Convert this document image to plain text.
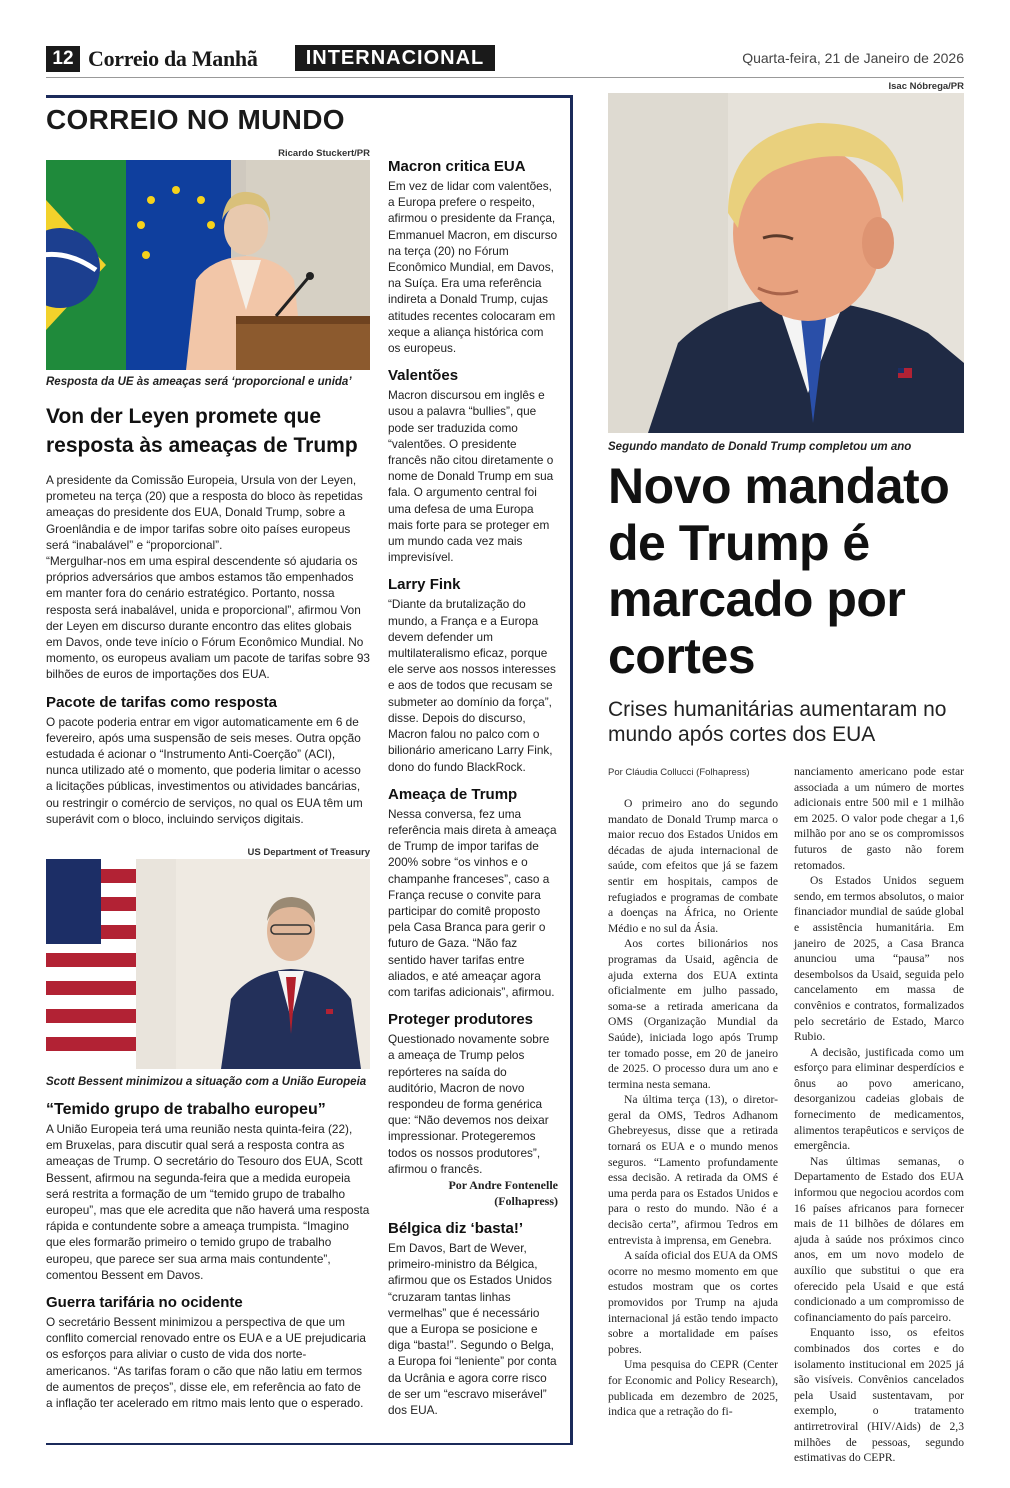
12 Correio da Manhã	INTERNACIONAL	Quarta-feira, 21 de Janeiro de 2026
CORREIO NO MUNDO
Ricardo Stuckert/PR
Resposta da UE às ameaças será ‘proporcional e unida’
Von der Leyen promete que resposta às ameaças de Trump

A presidente da Comissão Europeia, Ursula von der Leyen, prometeu na terça (20) que a resposta do bloco às repetidas ameaças do presidente dos EUA, Donald Trump, sobre a Groenlândia e de impor tarifas sobre oito países europeus será “inabalável” e “proporcional”.

“Mergulhar-nos em uma espiral descendente só ajudaria os próprios adversários que ambos estamos tão empenhados em manter fora do cenário estratégico. Portanto, nossa resposta será inabalável, unida e proporcional”, afirmou Von der Leyen em discurso durante encontro das elites globais em Davos, onde teve início o Fórum Econômico Mundial. No momento, os europeus avaliam um pacote de tarifas sobre 93 bilhões de euros de importações dos EUA.

Pacote de tarifas como resposta

O pacote poderia entrar em vigor automaticamente em 6 de fevereiro, após uma suspensão de seis meses. Outra opção estudada é acionar o “Instrumento Anti-Coerção” (ACI), nunca utilizado até o momento, que poderia limitar o acesso a licitações públicas, investimentos ou atividades bancárias, ou restringir o comércio de serviços, no qual os EUA têm um superávit com o bloco, incluindo serviços digitais.

US Department of Treasury
Scott Bessent minimizou a situação com a União Europeia
“Temido grupo de trabalho europeu”

A União Europeia terá uma reunião nesta quinta-feira (22), em Bruxelas, para discutir qual será a resposta contra as ameaças de Trump. O secretário do Tesouro dos EUA, Scott Bessent, afirmou na segunda-feira que a medida europeia será restrita a formação de um “temido grupo de trabalho europeu”, mas que ele acredita que não haverá uma resposta rápida e contundente sobre a ameaça trumpista. “Imagino que eles formarão primeiro o temido grupo de trabalho europeu, que parece ser sua arma mais contundente”, comentou Bessent em Davos.

Guerra tarifária no ocidente

O secretário Bessent minimizou a perspectiva de que um conflito comercial renovado entre os EUA e a UE prejudicaria os esforços para aliviar o custo de vida dos norte-americanos. “As tarifas foram o cão que não latiu em termos de aumentos de preços”, disse ele, em referência ao fato de a inflação ter acelerado em ritmo mais lento que o esperado.

Macron critica EUA

Em vez de lidar com valentões, a Europa prefere o respeito, afirmou o presidente da França, Emmanuel Macron, em discurso na terça (20) no Fórum Econômico Mundial, em Davos, na Suíça. Era uma referência indireta a Donald Trump, cujas atitudes recentes colocaram em xeque a aliança histórica com os europeus.

Valentões

Macron discursou em inglês e usou a palavra “bullies”, que pode ser traduzida como “valentões. O presidente francês não citou diretamente o nome de Donald Trump em sua fala. O argumento central foi uma defesa de uma Europa mais forte para se proteger em um mundo cada vez mais imprevisível.

Larry Fink

“Diante da brutalização do mundo, a França e a Europa devem defender um multilateralismo eficaz, porque ele serve aos nossos interesses e aos de todos que recusam se submeter ao domínio da força”, disse. Depois do discurso, Macron falou no palco com o bilionário americano Larry Fink, dono do fundo BlackRock.

Ameaça de Trump

Nessa conversa, fez uma referência mais direta à ameaça de Trump de impor tarifas de 200% sobre “os vinhos e o champanhe franceses”, caso a França recuse o convite para participar do comitê proposto pela Casa Branca para gerir o futuro de Gaza. “Não faz sentido haver tarifas entre aliados, e até ameaçar agora com tarifas adicionais”, afirmou.

Proteger produtores

Questionado novamente sobre a ameaça de Trump pelos repórteres na saída do auditório, Macron de novo respondeu de forma genérica que: “Não devemos nos deixar impressionar. Protegeremos todos os nossos produtores”, afirmou o francês.

Por Andre Fontenelle
(Folhapress)
Bélgica diz ‘basta!’

Em Davos, Bart de Wever, primeiro-ministro da Bélgica, afirmou que os Estados Unidos “cruzaram tantas linhas vermelhas” que é necessário que a Europa se posicione e diga “basta!”. Segundo o Belga, a Europa foi “leniente” por conta da Ucrânia e agora corre risco de ser um “escravo miserável” dos EUA.

Isac Nóbrega/PR
Segundo mandato de Donald Trump completou um ano
Novo mandato de Trump é marcado por cortes
Crises humanitárias aumentaram no mundo após cortes dos EUA
Por Cláudia Collucci (Folhapress)

O primeiro ano do segundo mandato de Donald Trump marca o maior recuo dos Estados Unidos em décadas de ajuda internacional de saúde, com efeitos que já se fazem sentir em hospitais, campos de refugiados e programas de combate a doenças na África, no Oriente Médio e no sul da Ásia.

Aos cortes bilionários nos programas da Usaid, agência de ajuda externa dos EUA extinta oficialmente em julho passado, soma-se a retirada americana da OMS (Organização Mundial da Saúde), iniciada logo após Trump ter tomado posse, em 20 de janeiro de 2025. O processo dura um ano e termina nesta semana.

Na última terça (13), o diretor-geral da OMS, Tedros Adhanom Ghebreyesus, disse que a retirada tornará os EUA e o mundo menos seguros. “Lamento profundamente essa decisão. A retirada da OMS é uma perda para os Estados Unidos e para o resto do mundo. Não é a decisão certa”, afirmou Tedros em entrevista à imprensa, em Genebra.

A saída oficial dos EUA da OMS ocorre no mesmo momento em que estudos mostram que os cortes promovidos por Trump na ajuda internacional já estão tendo impacto sobre a mortalidade em países pobres.

Uma pesquisa do CEPR (Center for Economic and Policy Research), publicada em dezembro de 2025, indica que a retração do fi-

nanciamento americano pode estar associada a um número de mortes adicionais entre 500 mil e 1 milhão em 2025. O valor pode chegar a 1,6 milhão por ano se os compromissos futuros de gasto não forem retomados.

Os Estados Unidos seguem sendo, em termos absolutos, o maior financiador mundial de saúde global e assistência humanitária. Em janeiro de 2025, a Casa Branca anunciou uma “pausa” nos desembolsos da Usaid, seguida pelo cancelamento em massa de convênios e contratos, formalizados pelo secretário de Estado, Marco Rubio.

A decisão, justificada como um esforço para eliminar desperdícios e ônus ao povo americano, desorganizou cadeias globais de fornecimento de medicamentos, alimentos terapêuticos e serviços de emergência.

Nas últimas semanas, o Departamento de Estado dos EUA informou que negociou acordos com 16 países africanos para fornecer mais de 11 bilhões de dólares em ajuda à saúde nos próximos cinco anos, em um novo modelo de auxílio que substitui o que era oferecido pela Usaid e que está condicionado a um compromisso de cofinanciamento do país parceiro.

Enquanto isso, os efeitos combinados dos cortes e do isolamento institucional em 2025 já são visíveis. Convênios cancelados pela Usaid sustentavam, por exemplo, o tratamento antirretroviral (HIV/Aids) de 2,3 milhões de pessoas, segundo estimativas do CEPR.
